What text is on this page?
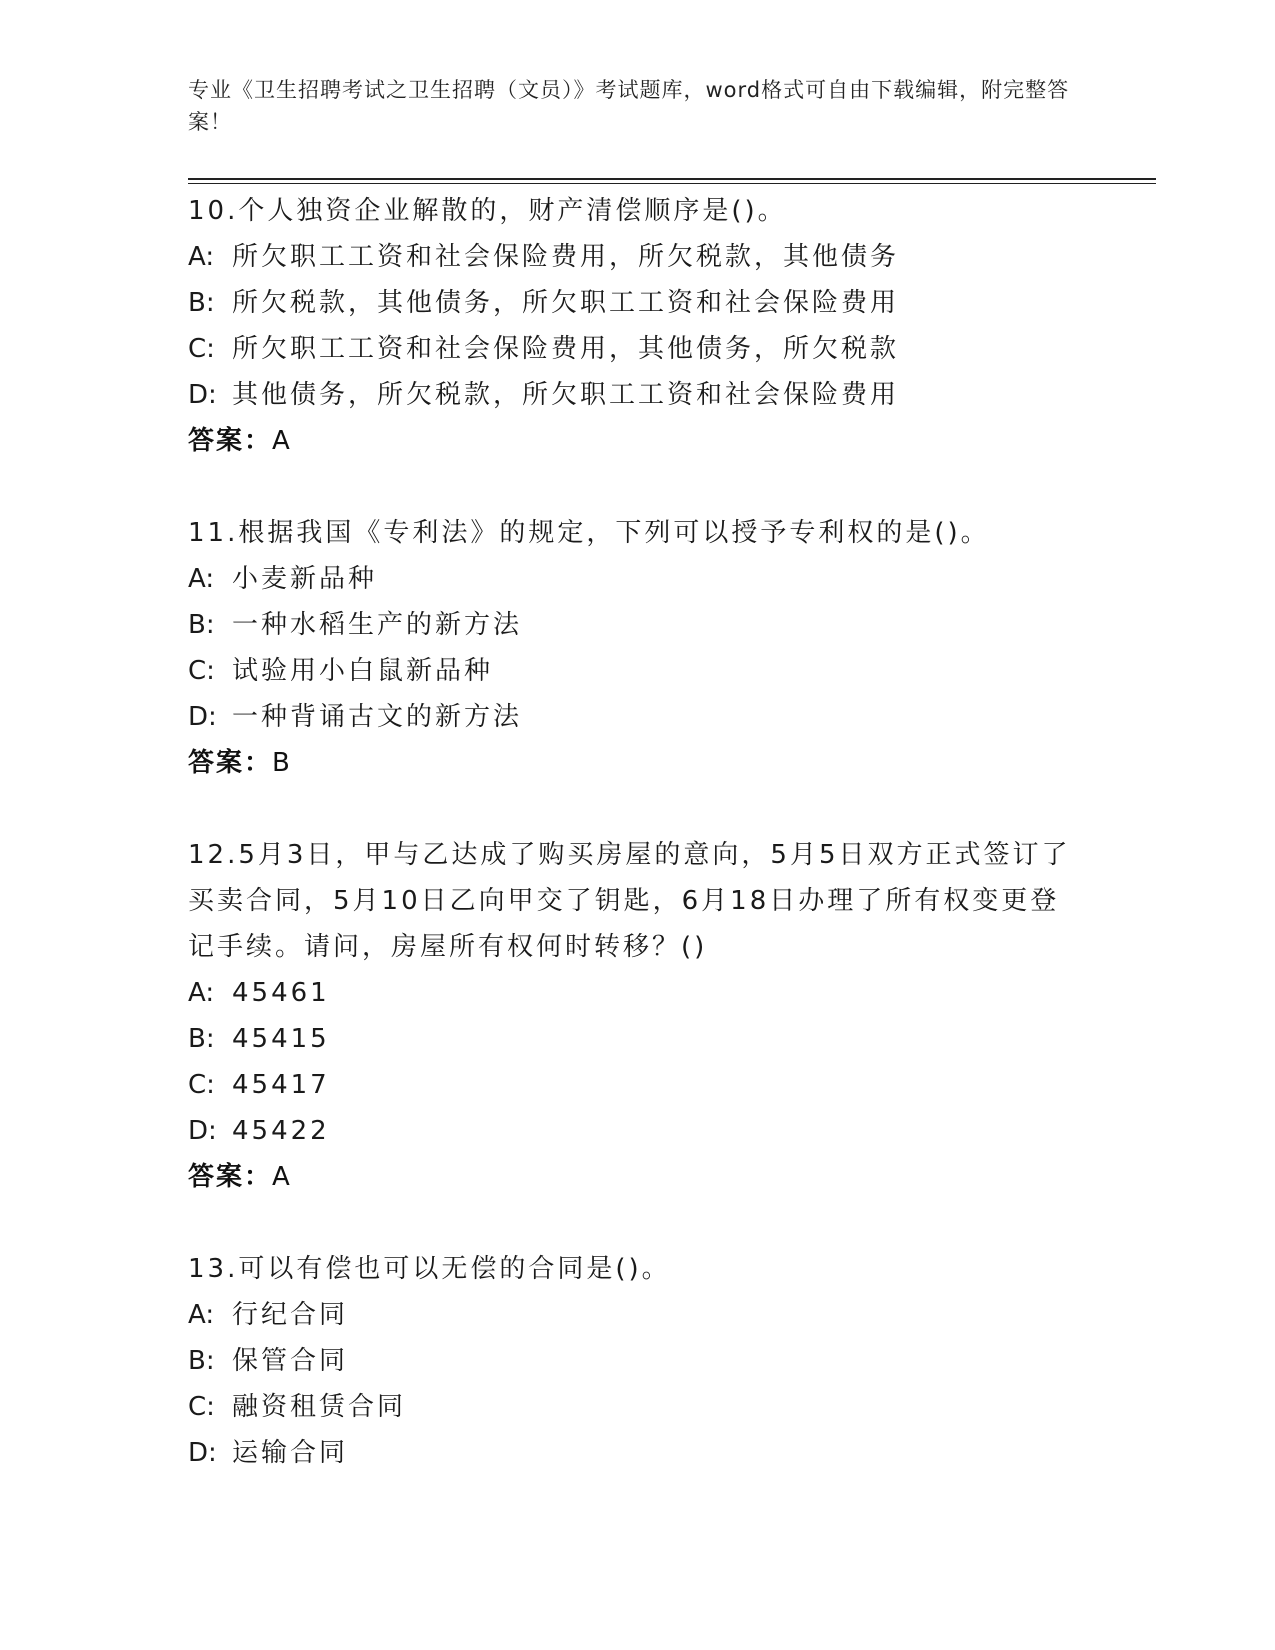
专业《卫生招聘考试之卫生招聘（文员）》考试题库，word格式可自由下载编辑，附完整答案！

10.个人独资企业解散的，财产清偿顺序是()。

A: 所欠职工工资和社会保险费用，所欠税款，其他债务

B: 所欠税款，其他债务，所欠职工工资和社会保险费用

C: 所欠职工工资和社会保险费用，其他债务，所欠税款

D: 其他债务，所欠税款，所欠职工工资和社会保险费用

答案：A

11.根据我国《专利法》的规定，下列可以授予专利权的是()。

A: 小麦新品种

B: 一种水稻生产的新方法

C: 试验用小白鼠新品种

D: 一种背诵古文的新方法

答案：B

12.5月3日，甲与乙达成了购买房屋的意向，5月5日双方正式签订了买卖合同，5月10日乙向甲交了钥匙，6月18日办理了所有权变更登记手续。请问，房屋所有权何时转移？()

A: 45461

B: 45415

C: 45417

D: 45422

答案：A

13.可以有偿也可以无偿的合同是()。

A: 行纪合同

B: 保管合同

C: 融资租赁合同

D: 运输合同
